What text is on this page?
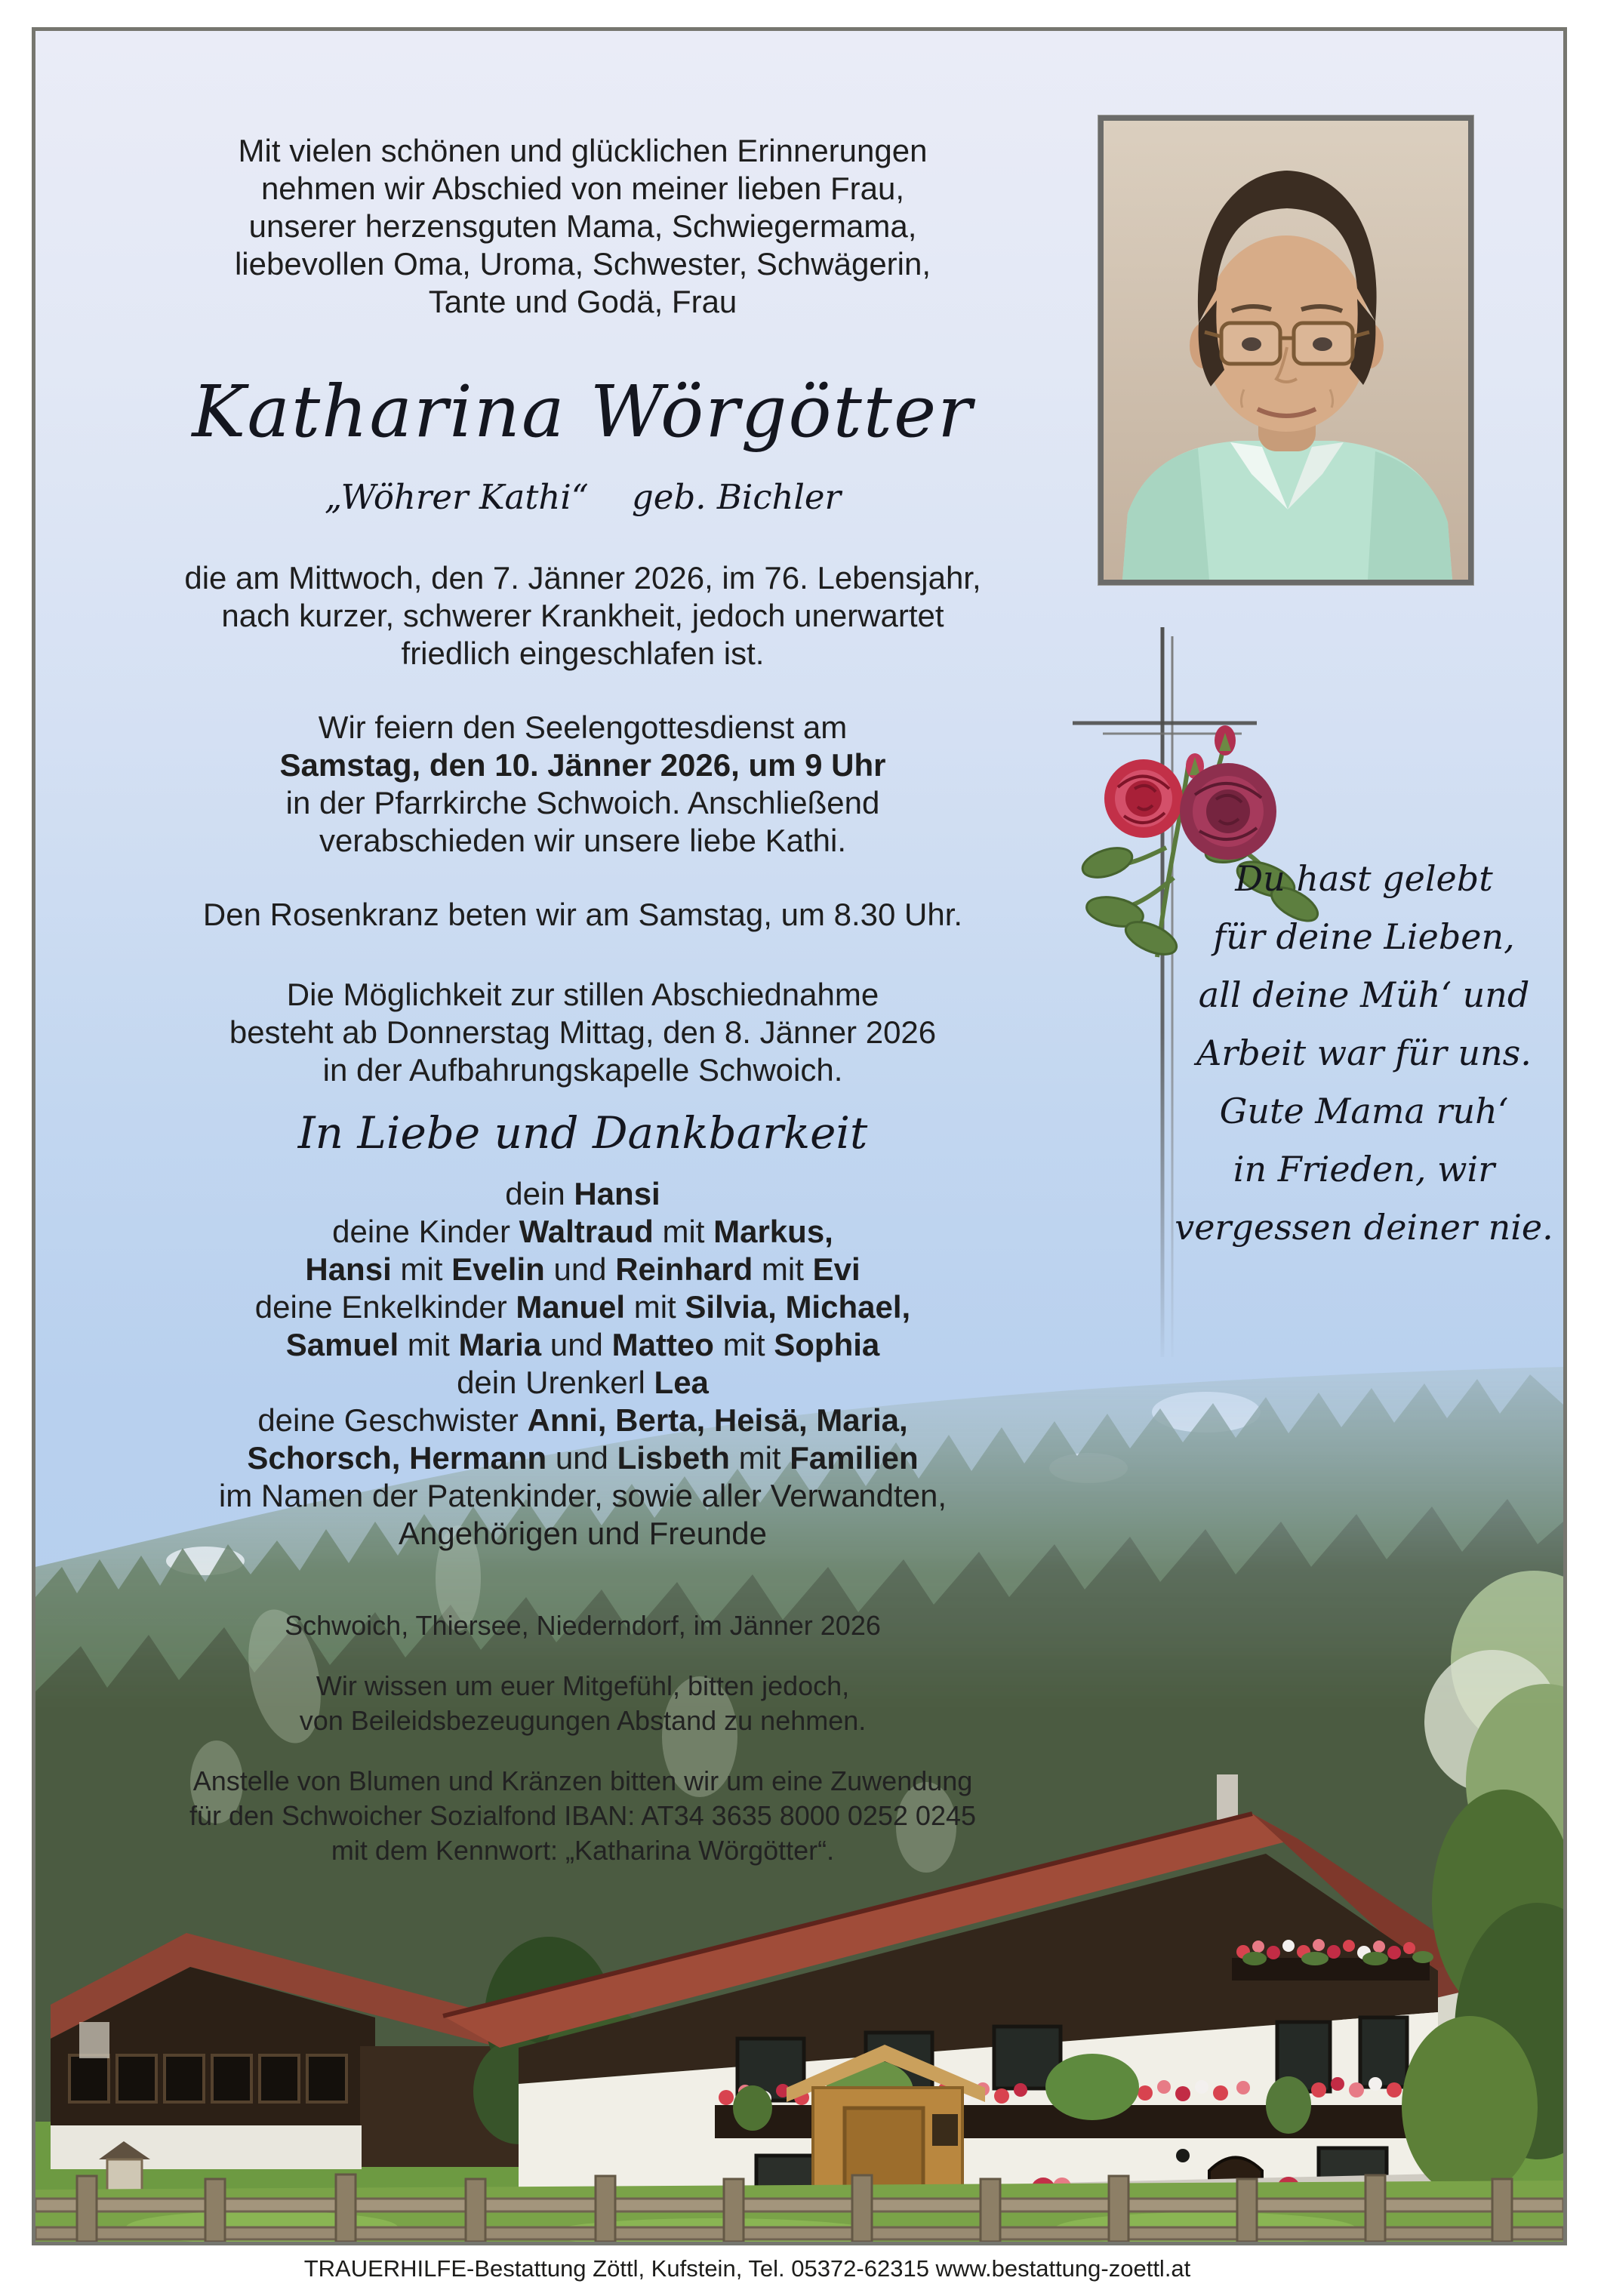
Mit vielen schönen und glücklichen Erinnerungen
nehmen wir Abschied von meiner lieben Frau,
unserer herzensguten Mama, Schwiegermama,
liebevollen Oma, Uroma, Schwester, Schwägerin,
Tante und Godä, Frau
Katharina Wörgötter
„Wöhrer Kathi“    geb. Bichler
die am Mittwoch, den 7. Jänner 2026, im 76. Lebensjahr,
nach kurzer, schwerer Krankheit, jedoch unerwartet
friedlich eingeschlafen ist.
Wir feiern den Seelengottesdienst am
Samstag, den 10. Jänner 2026, um 9 Uhr
in der Pfarrkirche Schwoich. Anschließend
verabschieden wir unsere liebe Kathi.
Den Rosenkranz beten wir am Samstag, um 8.30 Uhr.
Die Möglichkeit zur stillen Abschiednahme
besteht ab Donnerstag Mittag, den 8. Jänner 2026
in der Aufbahrungskapelle Schwoich.
In Liebe und Dankbarkeit
dein Hansi
deine Kinder Waltraud mit Markus,
Hansi mit Evelin und Reinhard mit Evi
deine Enkelkinder Manuel mit Silvia, Michael,
Samuel mit Maria und Matteo mit Sophia
dein Urenkerl Lea
deine Geschwister Anni, Berta, Heisä, Maria,
Schorsch, Hermann und Lisbeth mit Familien
im Namen der Patenkinder, sowie aller Verwandten,
Angehörigen und Freunde
Schwoich, Thiersee, Niederndorf, im Jänner 2026
Wir wissen um euer Mitgefühl, bitten jedoch,
von Beileidsbezeugungen Abstand zu nehmen.
Anstelle von Blumen und Kränzen bitten wir um eine Zuwendung
für den Schwoicher Sozialfond IBAN: AT34 3635 8000 0252 0245
mit dem Kennwort: „Katharina Wörgötter“.
Du hast gelebt
für deine Lieben,
all deine Müh‘ und
Arbeit war für uns.
Gute Mama ruh‘
in Frieden, wir
vergessen deiner nie.
TRAUERHILFE-Bestattung Zöttl, Kufstein, Tel. 05372-62315 www.bestattung-zoettl.at
